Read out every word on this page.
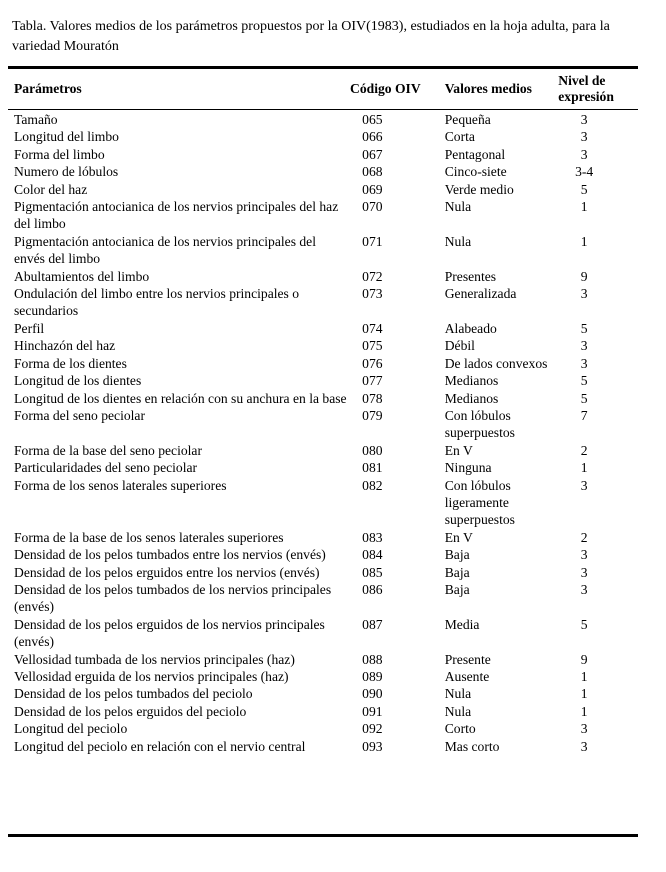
Tabla. Valores medios de los parámetros propuestos por la OIV(1983), estudiados en la hoja adulta, para la variedad Mouratón
Parámetros	Código OIV	Valores medios	Nivel de expresión
Tamaño	065	Pequeña	3
Longitud del limbo	066	Corta	3
Forma del limbo	067	Pentagonal	3
Numero de lóbulos	068	Cinco-siete	3-4
Color del haz	069	Verde medio	5
Pigmentación antocianica de los nervios principales del haz del limbo	070	Nula	1
Pigmentación antocianica de los nervios principales del envés del limbo	071	Nula	1
Abultamientos del limbo	072	Presentes	9
Ondulación del limbo entre los nervios principales o secundarios	073	Generalizada	3
Perfil	074	Alabeado	5
Hinchazón del haz	075	Débil	3
Forma de los dientes	076	De lados convexos	3
Longitud de los dientes	077	Medianos	5
Longitud de los dientes en relación con su anchura en la base	078	Medianos	5
Forma del seno peciolar	079	Con lóbulos superpuestos	7
Forma de la base del seno peciolar	080	En V	2
Particularidades del seno peciolar	081	Ninguna	1
Forma de los senos laterales superiores	082	Con lóbulos ligeramente superpuestos	3
Forma de la base de los senos laterales superiores	083	En V	2
Densidad de los pelos tumbados entre los nervios (envés)	084	Baja	3
Densidad de los pelos erguidos entre los nervios (envés)	085	Baja	3
Densidad de los pelos tumbados de los nervios principales (envés)	086	Baja	3
Densidad de los pelos erguidos de los nervios principales (envés)	087	Media	5
Vellosidad tumbada de los nervios principales (haz)	088	Presente	9
Vellosidad erguida de los nervios principales (haz)	089	Ausente	1
Densidad de los pelos tumbados del peciolo	090	Nula	1
Densidad de los pelos erguidos del peciolo	091	Nula	1
Longitud del peciolo	092	Corto	3
Longitud del peciolo en relación con el nervio central	093	Mas corto	3
